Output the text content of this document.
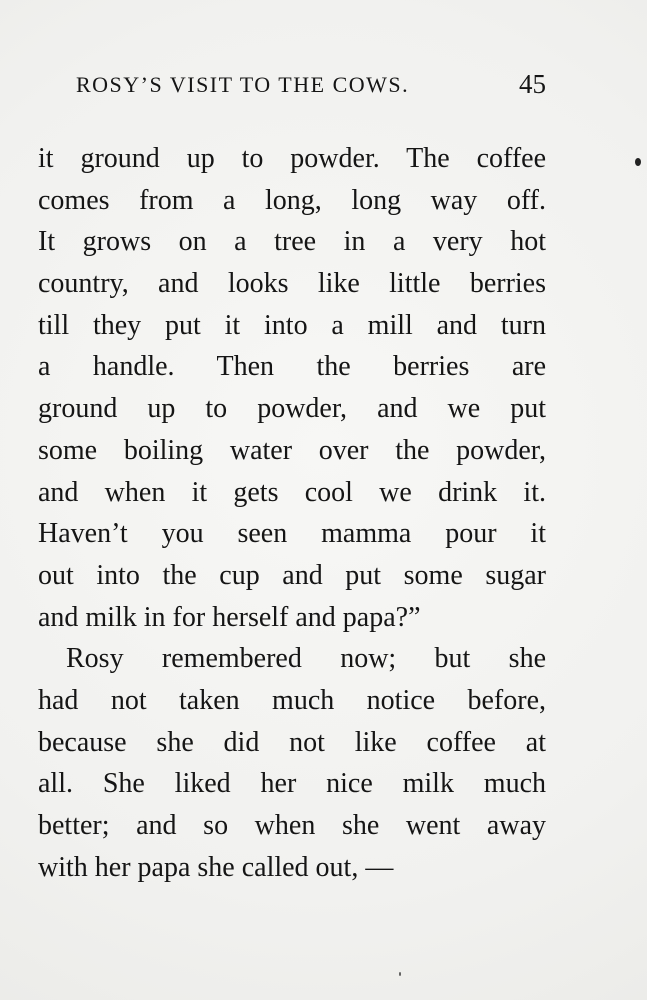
ROSY’S VISIT TO THE COWS.	45
it ground up to powder. The coffee
comes from a long, long way off.
It grows on a tree in a very hot
country, and looks like little berries
till they put it into a mill and turn
a handle. Then the berries are
ground up to powder, and we put
some boiling water over the powder,
and when it gets cool we drink it.
Haven’t you seen mamma pour it
out into the cup and put some sugar
and milk in for herself and papa?”
Rosy remembered now; but she
had not taken much notice before,
because she did not like coffee at
all. She liked her nice milk much
better; and so when she went away
with her papa she called out, —
